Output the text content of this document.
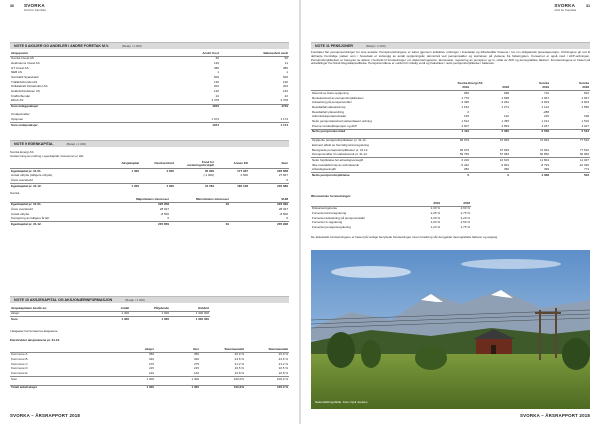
30 SVORKA
Grid for framtida
NOTE 8 AKSJER OG ANDELER I ANDRE FORETAK M.V.	(Beløp i 1 000)
Aksjeposter	Anskf. Kost	Balanseført verdi
Svorka Invest AS	50	50
Heidmanns Invest AS	130	11
GT Invest AS	386	386
NEB AS	1	1
Svorkabil Sparebank	600	600
Trafikkforbundet AS	130	130
Strikkakraft Infrastruktur AS	202	202
Holdeforbindelsen AS	130	126
Kraftforbundet	22	22
Elhub AS	3 378	3 378
Sum anleggsaksjer	4816	4749

Omløpsmidler		
Opsjoner	1 974	1 174
Sum omløpsaksjer	1974	1 174
NOTE 9 EGENKAPITAL	(Beløp i 1 000)
Svorka Energi AS
Avstemming av endring i egenkapital i konsernet er slik:
	Aksjekapital	Overkursfond	Fond for vurderingsforskjell	Annen EK	Sum
Egenkapital pr. 01.01.	1 300	4 600	35 009	177 037	226 858
Avsatt utbytte (tidligere utbytte)			(-1 000)	2 500	27 847
Årets overskudd					0
Egenkapital pr. 31.12.	1 300	4 600	44 783	185 128	235 689
Svorka
	Majoritetens interesser	Minoritetens interesser	SUM
Egenkapital pr. 01.01.	226 958	49	226 999
Årets overskudd	28 927		28 927
Avsatt utbytte	-8 500		-8 500
Korrigering av tidligere år EK	0		0
Egenkapital pr. 31.12.	235 859	49	235 908
NOTE 10 AKSJEKAPITAL OG AKSJONÆRINFORMASJON	(Beløp i 1 000)
Aksjekapitalen består av:	Antall	Pålydende	Bokført
Aksjer	1 300	1 000	1 300 000
Sum	1 300	1 000	1 300 000
I aksjeeier har konsernet aksjeeiere.
Eierstruktur aksjonærene pr. 31.12.
	Aksjer	Eier	Stemmeandel	Stemmeandel
Kommune A	350	350	26,9 %	26,9 %
Kommune B	320	320	24,6 %	24,6 %
Kommune C	275	275	21,2 %	21,2 %
Kommune D	215	215	16,5 %	16,5 %
Kommune E	140	140	10,8 %	10,8 %
Sum	1 300	1 300	100,0%	100,0 %

Totalt antall aksjer	1 300	1 300	100,0%	100,0 %
SVORKA – ÅRSRAPPORT 2018
SVORKA
Grid for framtida
31
NOTE 11 PENSJONER	(Beløp i 1 000)
Foretaket har pensjonsordninger for sine ansatte. Pensjonsordningene er sikret gjennom kollektive ordninger i livselskap og tilfredsstiller kravene i lov om obligatorisk tjenestepensjon. Ordningene gir rett til definerte fremtidige ytelser som i hovedsak er avhengig av antall opptjeningsår, lønnsnivå ved pensjonsalder og størrelsen på ytelsene fra folketrygden. Konsernet er også med i AFP-ordningen. Pensjonsforpliktelsen er beregnet av aktuar i henhold til forutsetninger om diskonteringsrente, lønnsvekst, regulering av pensjoner og G, uttak av AFP og demografiske faktorer. Forutsetningene er basert på anbefalinger fra Norsk Regnskapsstiftelse. Pensjonsmidlene er vurdert til virkelig verdi og fratrekkes i netto pensjonsforpliktelse i balansen.
	Svorka Energi AS		Svorka	Svorka
	2019	2018	2019	2018
Nåverdi av årets opptjening	950	698	710	816
Rentekostnad av pensjonsforpliktelsen	1 770	1 668	1 967	1 667
Avkastning på pensjonsmidler	-2 495	-2 262	-2 819	-2 603
Resultatført aktuarielt tap	1 152	1 274	1 124	1 556
Resultatført planendring	2	-	-288	-
Administrasjonskostnader	135	140	215	198
Netto pensjonskostnad ytelsesbasert ordning	1 512	1 455	1 191	1 516
Premie innskuddspensjon og AFP	2 907	2 893	4 267	4 027
Netto pensjonskostnad	4 419	5 065	6 558	5 543

Opptjente pensjonsforpliktelser pr. 31.12.	65 979	67 699	72 664	77 510
Estimert effekt av fremtidig lønnsregulering				
Beregnede pensjonsforpliktelser pr. 31.12.	65 979	67 699	72 664	77 510
Pensjonsmidler til markedsverdi pr. 31.12.	59 759	57 084	60 860	60 960
Netto forpliktelse før arbeidsgiveravgift	6 220	10 615	11 804	11 037
Ikke resultatført tap av estimatavvik	-5 422	-5 904	-8 793	-10 030
Arbeidsgiveravgift	282	356	399	774
Netto pensjonsforpliktelse	0	0	4 008	502
Økonomiske forutsetninger:
	2019	2018
Diskonteringsrente	2,30 %	2,60 %
Forventet lønnsregulering	2,25 %	2,75 %
Forventet avkastning på pensjonsmidler	3,30 %	4,20 %
Forventet G-regulering	2,00 %	2,50 %
Forventet pensjonsregulering	1,24 %	1,75 %
De aktuarielle forutsetningene er basert på vanlige benyttede forutsetninger innen forsikring når det gjelder demografiske faktorer og avgang.
Naturskildringsbilde. Foto: Kjell Joelsen
SVORKA – ÅRSRAPPORT 2018
